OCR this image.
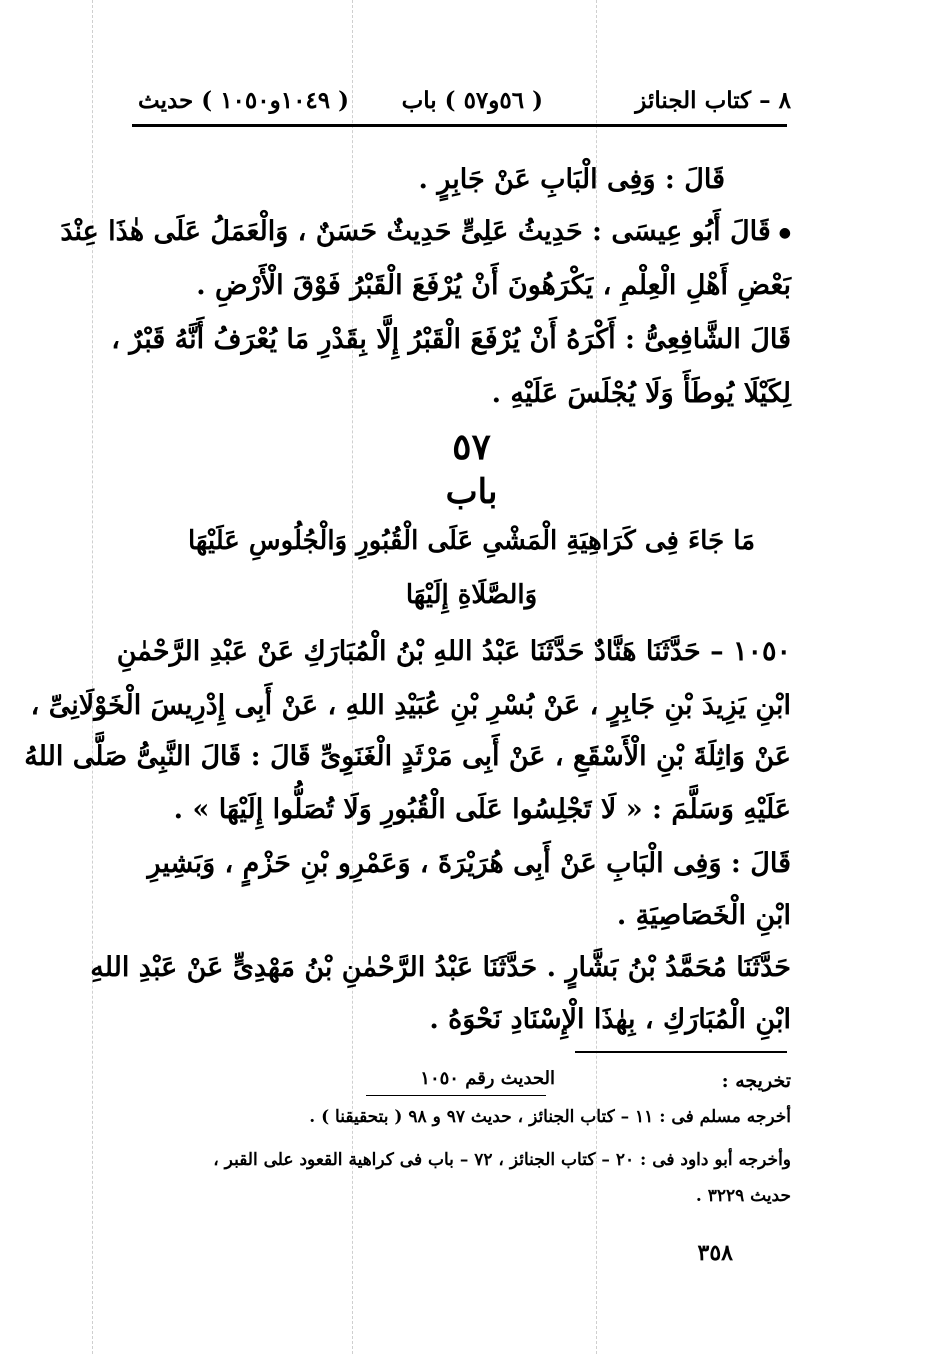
٨ – كتاب الجنائز
( ٥٦و٥٧ ) باب
( ١٠٤٩و١٠٥٠ ) حديث
قَالَ : وَفِى الْبَابِ عَنْ جَابِرٍ .
● قَالَ أَبُو عِيسَى : حَدِيثُ عَلِىٍّ حَدِيثٌ حَسَنٌ ، وَالْعَمَلُ عَلَى هٰذَا عِنْدَ
بَعْضِ أَهْلِ الْعِلْمِ ، يَكْرَهُونَ أَنْ يُرْفَعَ الْقَبْرُ فَوْقَ الْأَرْضِ .
قَالَ الشَّافِعِىُّ : أَكْرَهُ أَنْ يُرْفَعَ الْقَبْرُ إِلَّا بِقَدْرِ مَا يُعْرَفُ أَنَّهُ قَبْرٌ ،
لِكَيْلَا يُوطَأَ وَلَا يُجْلَسَ عَلَيْهِ .
٥٧
باب
مَا جَاءَ فِى كَرَاهِيَةِ الْمَشْىِ عَلَى الْقُبُورِ وَالْجُلُوسِ عَلَيْهَا
وَالصَّلَاةِ إِلَيْهَا
١٠٥٠ – حَدَّثَنَا هَنَّادٌ حَدَّثَنَا عَبْدُ اللهِ بْنُ الْمُبَارَكِ عَنْ عَبْدِ الرَّحْمٰنِ
ابْنِ يَزِيدَ بْنِ جَابِرٍ ، عَنْ بُسْرِ بْنِ عُبَيْدِ اللهِ ، عَنْ أَبِى إِدْرِيسَ الْخَوْلَانِىِّ ،
عَنْ وَاثِلَةَ بْنِ الْأَسْقَعِ ، عَنْ أَبِى مَرْثَدٍ الْغَنَوِىِّ قَالَ : قَالَ النَّبِىُّ صَلَّى اللهُ
عَلَيْهِ وَسَلَّمَ : « لَا تَجْلِسُوا عَلَى الْقُبُورِ وَلَا تُصَلُّوا إِلَيْهَا » .
قَالَ : وَفِى الْبَابِ عَنْ أَبِى هُرَيْرَةَ ، وَعَمْرِو بْنِ حَزْمٍ ، وَبَشِيرِ
ابْنِ الْخَصَاصِيَةِ .
حَدَّثَنَا مُحَمَّدُ بْنُ بَشَّارٍ . حَدَّثَنَا عَبْدُ الرَّحْمٰنِ بْنُ مَهْدِىٍّ عَنْ عَبْدِ اللهِ
ابْنِ الْمُبَارَكِ ، بِهٰذَا الْإِسْنَادِ نَحْوَهُ .
تخريجه :
الحديث رقم ١٠٥٠
أخرجه مسلم فى : ١١ – كتاب الجنائز ، حديث ٩٧ و ٩٨ ( بتحقيقنا ) .
وأخرجه أبو داود فى : ٢٠ – كتاب الجنائز ، ٧٢ – باب فى كراهية القعود على القبر ،
حديث ٣٢٢٩ .
٣٥٨
